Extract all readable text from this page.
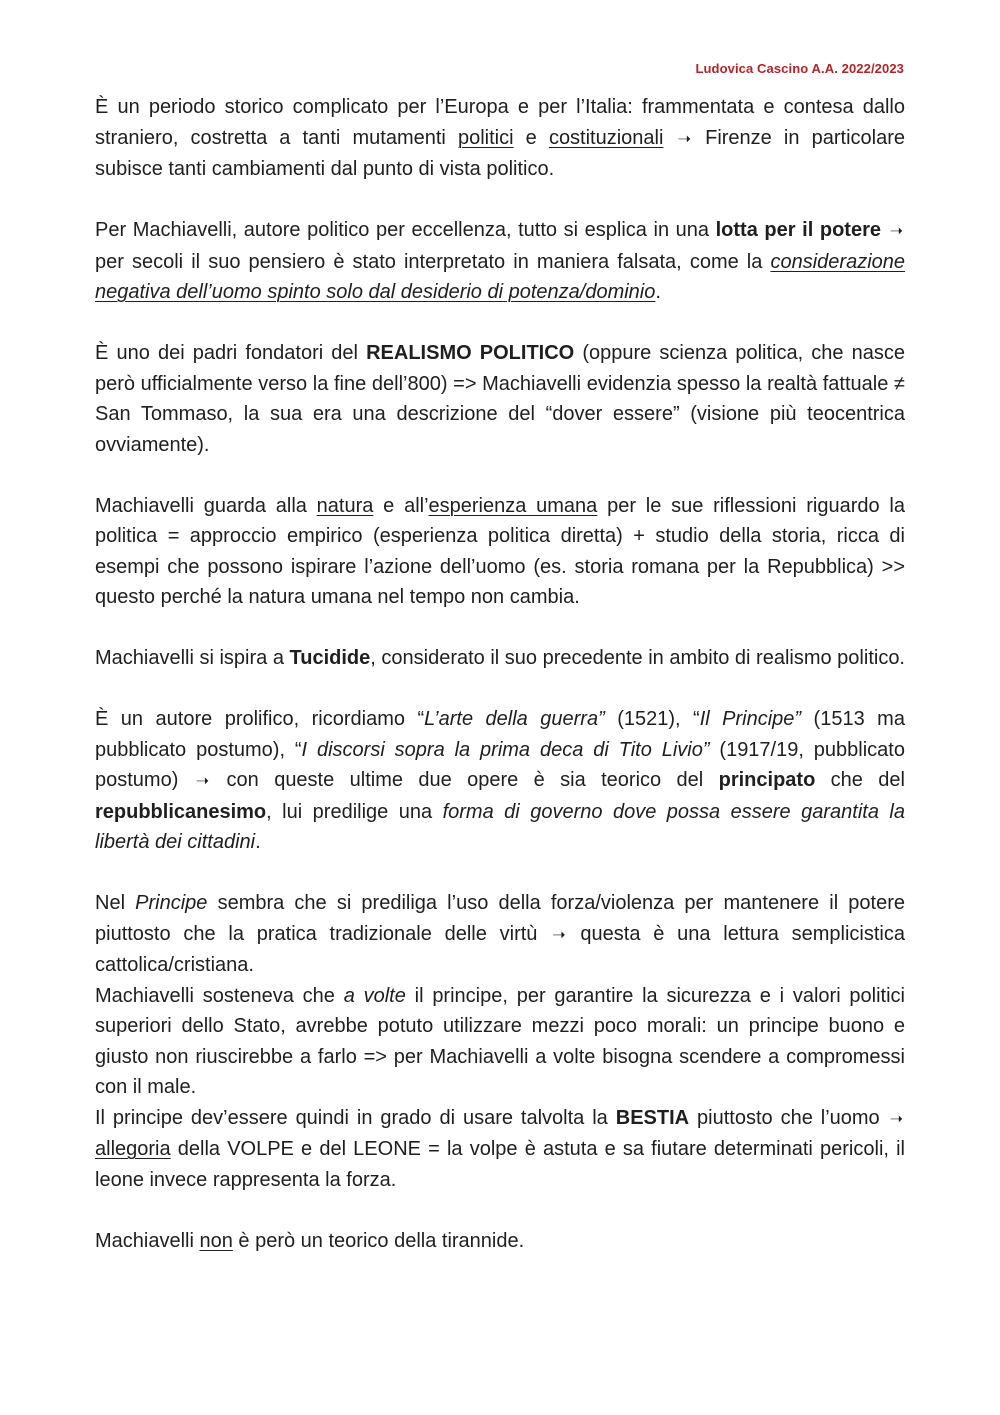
Ludovica Cascino A.A. 2022/2023

È un periodo storico complicato per l’Europa e per l’Italia: frammentata e contesa dallo straniero, costretta a tanti mutamenti politici e costituzionali ➝ Firenze in particolare subisce tanti cambiamenti dal punto di vista politico.

Per Machiavelli, autore politico per eccellenza, tutto si esplica in una lotta per il potere ➝ per secoli il suo pensiero è stato interpretato in maniera falsata, come la considerazione negativa dell’uomo spinto solo dal desiderio di potenza/dominio.

È uno dei padri fondatori del REALISMO POLITICO (oppure scienza politica, che nasce però ufficialmente verso la fine dell’800) => Machiavelli evidenzia spesso la realtà fattuale ≠ San Tommaso, la sua era una descrizione del “dover essere” (visione più teocentrica ovviamente).

Machiavelli guarda alla natura e all’esperienza umana per le sue riflessioni riguardo la politica = approccio empirico (esperienza politica diretta) + studio della storia, ricca di esempi che possono ispirare l’azione dell’uomo (es. storia romana per la Repubblica) >> questo perché la natura umana nel tempo non cambia.

Machiavelli si ispira a Tucidide, considerato il suo precedente in ambito di realismo politico.

È un autore prolifico, ricordiamo “L’arte della guerra” (1521), “Il Principe” (1513 ma pubblicato postumo), “I discorsi sopra la prima deca di Tito Livio” (1917/19, pubblicato postumo) ➝ con queste ultime due opere è sia teorico del principato che del repubblicanesimo, lui predilige una forma di governo dove possa essere garantita la libertà dei cittadini.

Nel Principe sembra che si prediliga l’uso della forza/violenza per mantenere il potere piuttosto che la pratica tradizionale delle virtù ➝ questa è una lettura semplicistica cattolica/cristiana.

Machiavelli sosteneva che a volte il principe, per garantire la sicurezza e i valori politici superiori dello Stato, avrebbe potuto utilizzare mezzi poco morali: un principe buono e giusto non riuscirebbe a farlo => per Machiavelli a volte bisogna scendere a compromessi con il male.

Il principe dev’essere quindi in grado di usare talvolta la BESTIA piuttosto che l’uomo ➝ allegoria della VOLPE e del LEONE = la volpe è astuta e sa fiutare determinati pericoli, il leone invece rappresenta la forza.

Machiavelli non è però un teorico della tirannide.
